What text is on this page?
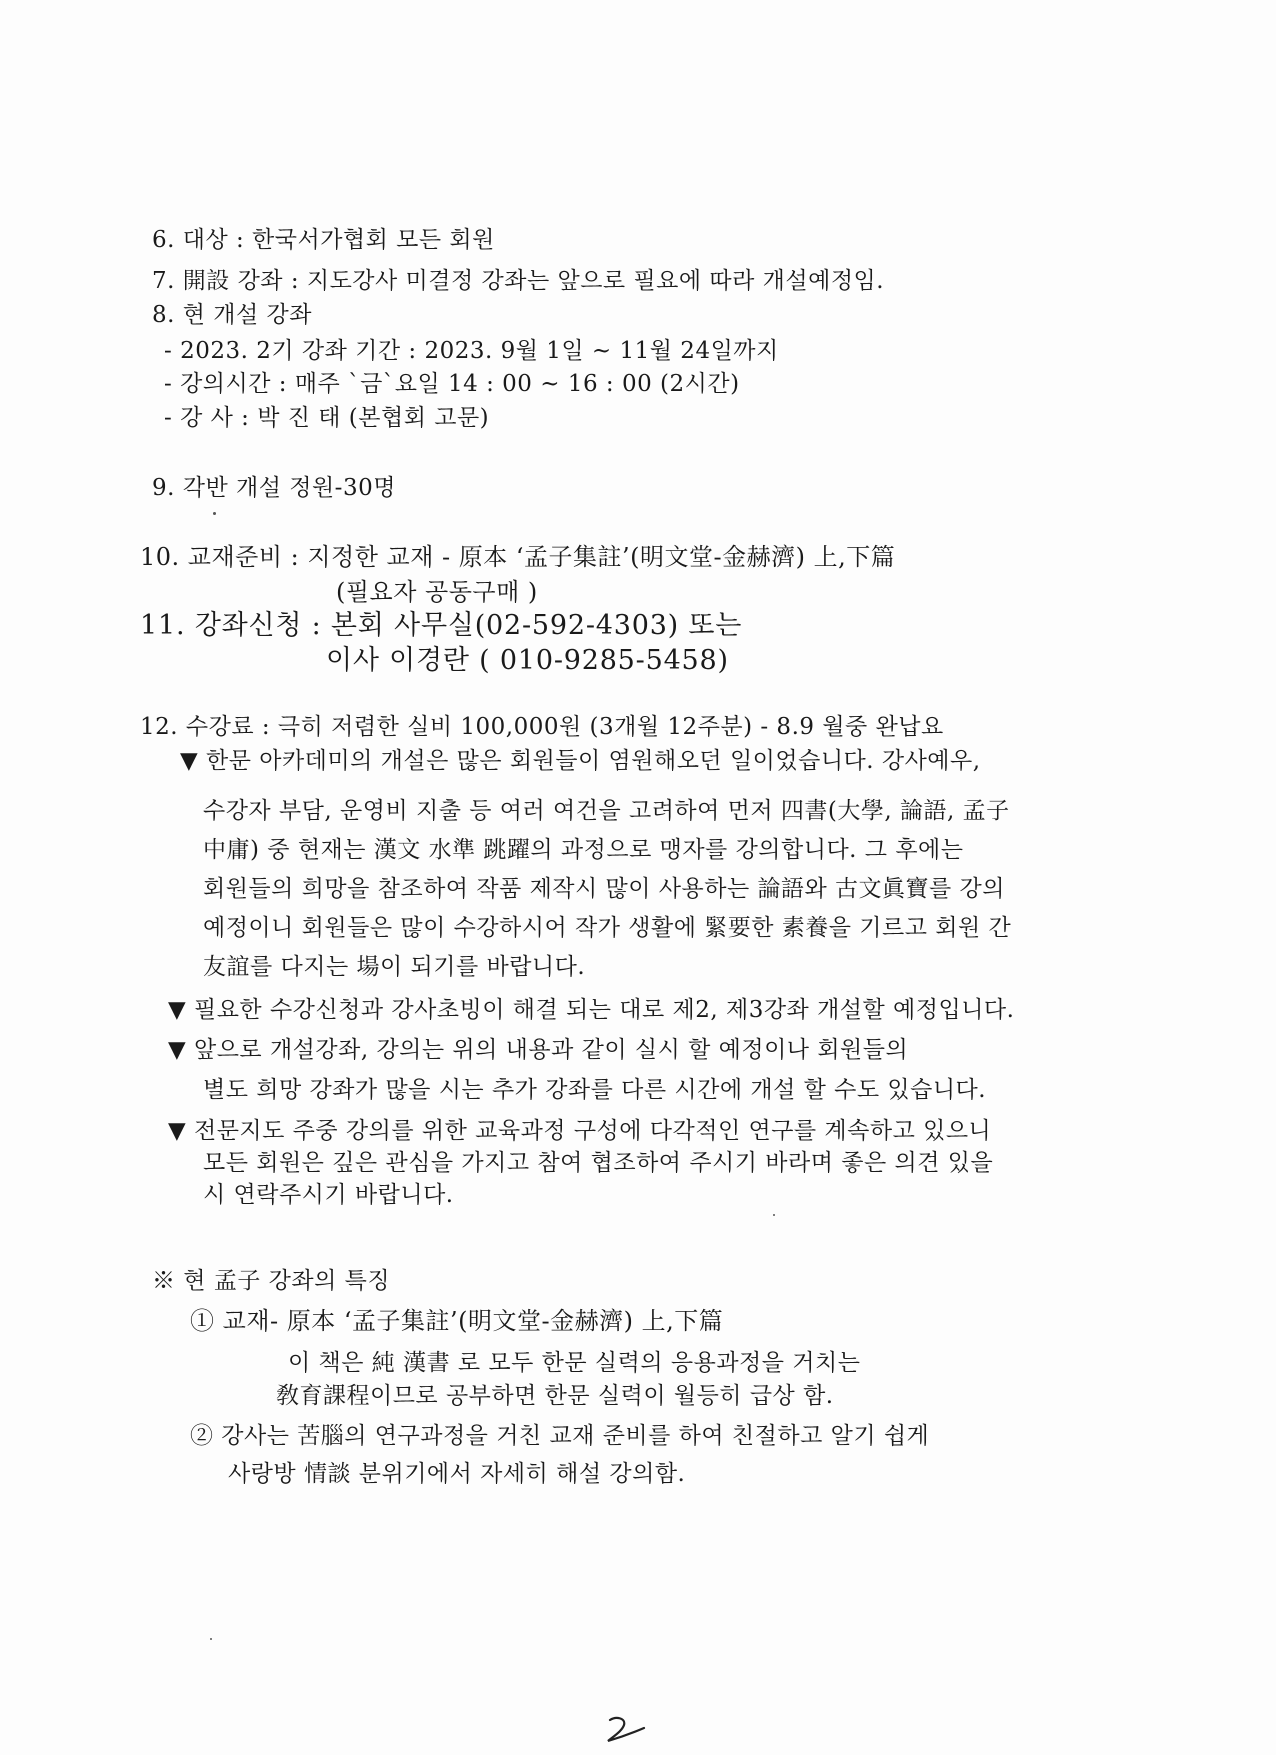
6. 대상 : 한국서가협회 모든 회원
7. 開設 강좌 : 지도강사 미결정 강좌는 앞으로 필요에 따라 개설예정임.
8. 현 개설 강좌
- 2023. 2기 강좌 기간 : 2023. 9월 1일 ~ 11월 24일까지
- 강의시간 : 매주 `금`요일 14 : 00 ~ 16 : 00 (2시간)
- 강 사 : 박 진 태 (본협회 고문)
9. 각반 개설 정원-30명
10. 교재준비 : 지정한 교재 - 原本 ‘孟子集註’(明文堂-金赫濟) 上,下篇
(필요자 공동구매 )
11. 강좌신청 : 본회 사무실(02-592-4303) 또는
이사 이경란 ( 010-9285-5458)
12. 수강료 : 극히 저렴한 실비 100,000원 (3개월 12주분) - 8.9 월중 완납요
▼ 한문 아카데미의 개설은 많은 회원들이 염원해오던 일이었습니다. 강사예우,
수강자 부담, 운영비 지출 등 여러 여건을 고려하여 먼저 四書(大學, 論語, 孟子
中庸) 중 현재는 漢文 水準 跳躍의 과정으로 맹자를 강의합니다. 그 후에는
회원들의 희망을 참조하여 작품 제작시 많이 사용하는 論語와 古文眞寶를 강의
예정이니 회원들은 많이 수강하시어 작가 생활에 緊要한 素養을 기르고 회원 간
友誼를 다지는 場이 되기를 바랍니다.
▼ 필요한 수강신청과 강사초빙이 해결 되는 대로 제2, 제3강좌 개설할 예정입니다.
▼ 앞으로 개설강좌, 강의는 위의 내용과 같이 실시 할 예정이나 회원들의
별도 희망 강좌가 많을 시는 추가 강좌를 다른 시간에 개설 할 수도 있습니다.
▼ 전문지도 주중 강의를 위한 교육과정 구성에 다각적인 연구를 계속하고 있으니
모든 회원은 깊은 관심을 가지고 참여 협조하여 주시기 바라며 좋은 의견 있을
시 연락주시기 바랍니다.
※ 현 孟子 강좌의 특징
① 교재- 原本 ‘孟子集註’(明文堂-金赫濟) 上,下篇
이 책은 純 漢書 로 모두 한문 실력의 응용과정을 거치는
敎育課程이므로 공부하면 한문 실력이 월등히 급상 함.
② 강사는 苦腦의 연구과정을 거친 교재 준비를 하여 친절하고 알기 쉽게
사랑방 情談 분위기에서 자세히 해설 강의함.
